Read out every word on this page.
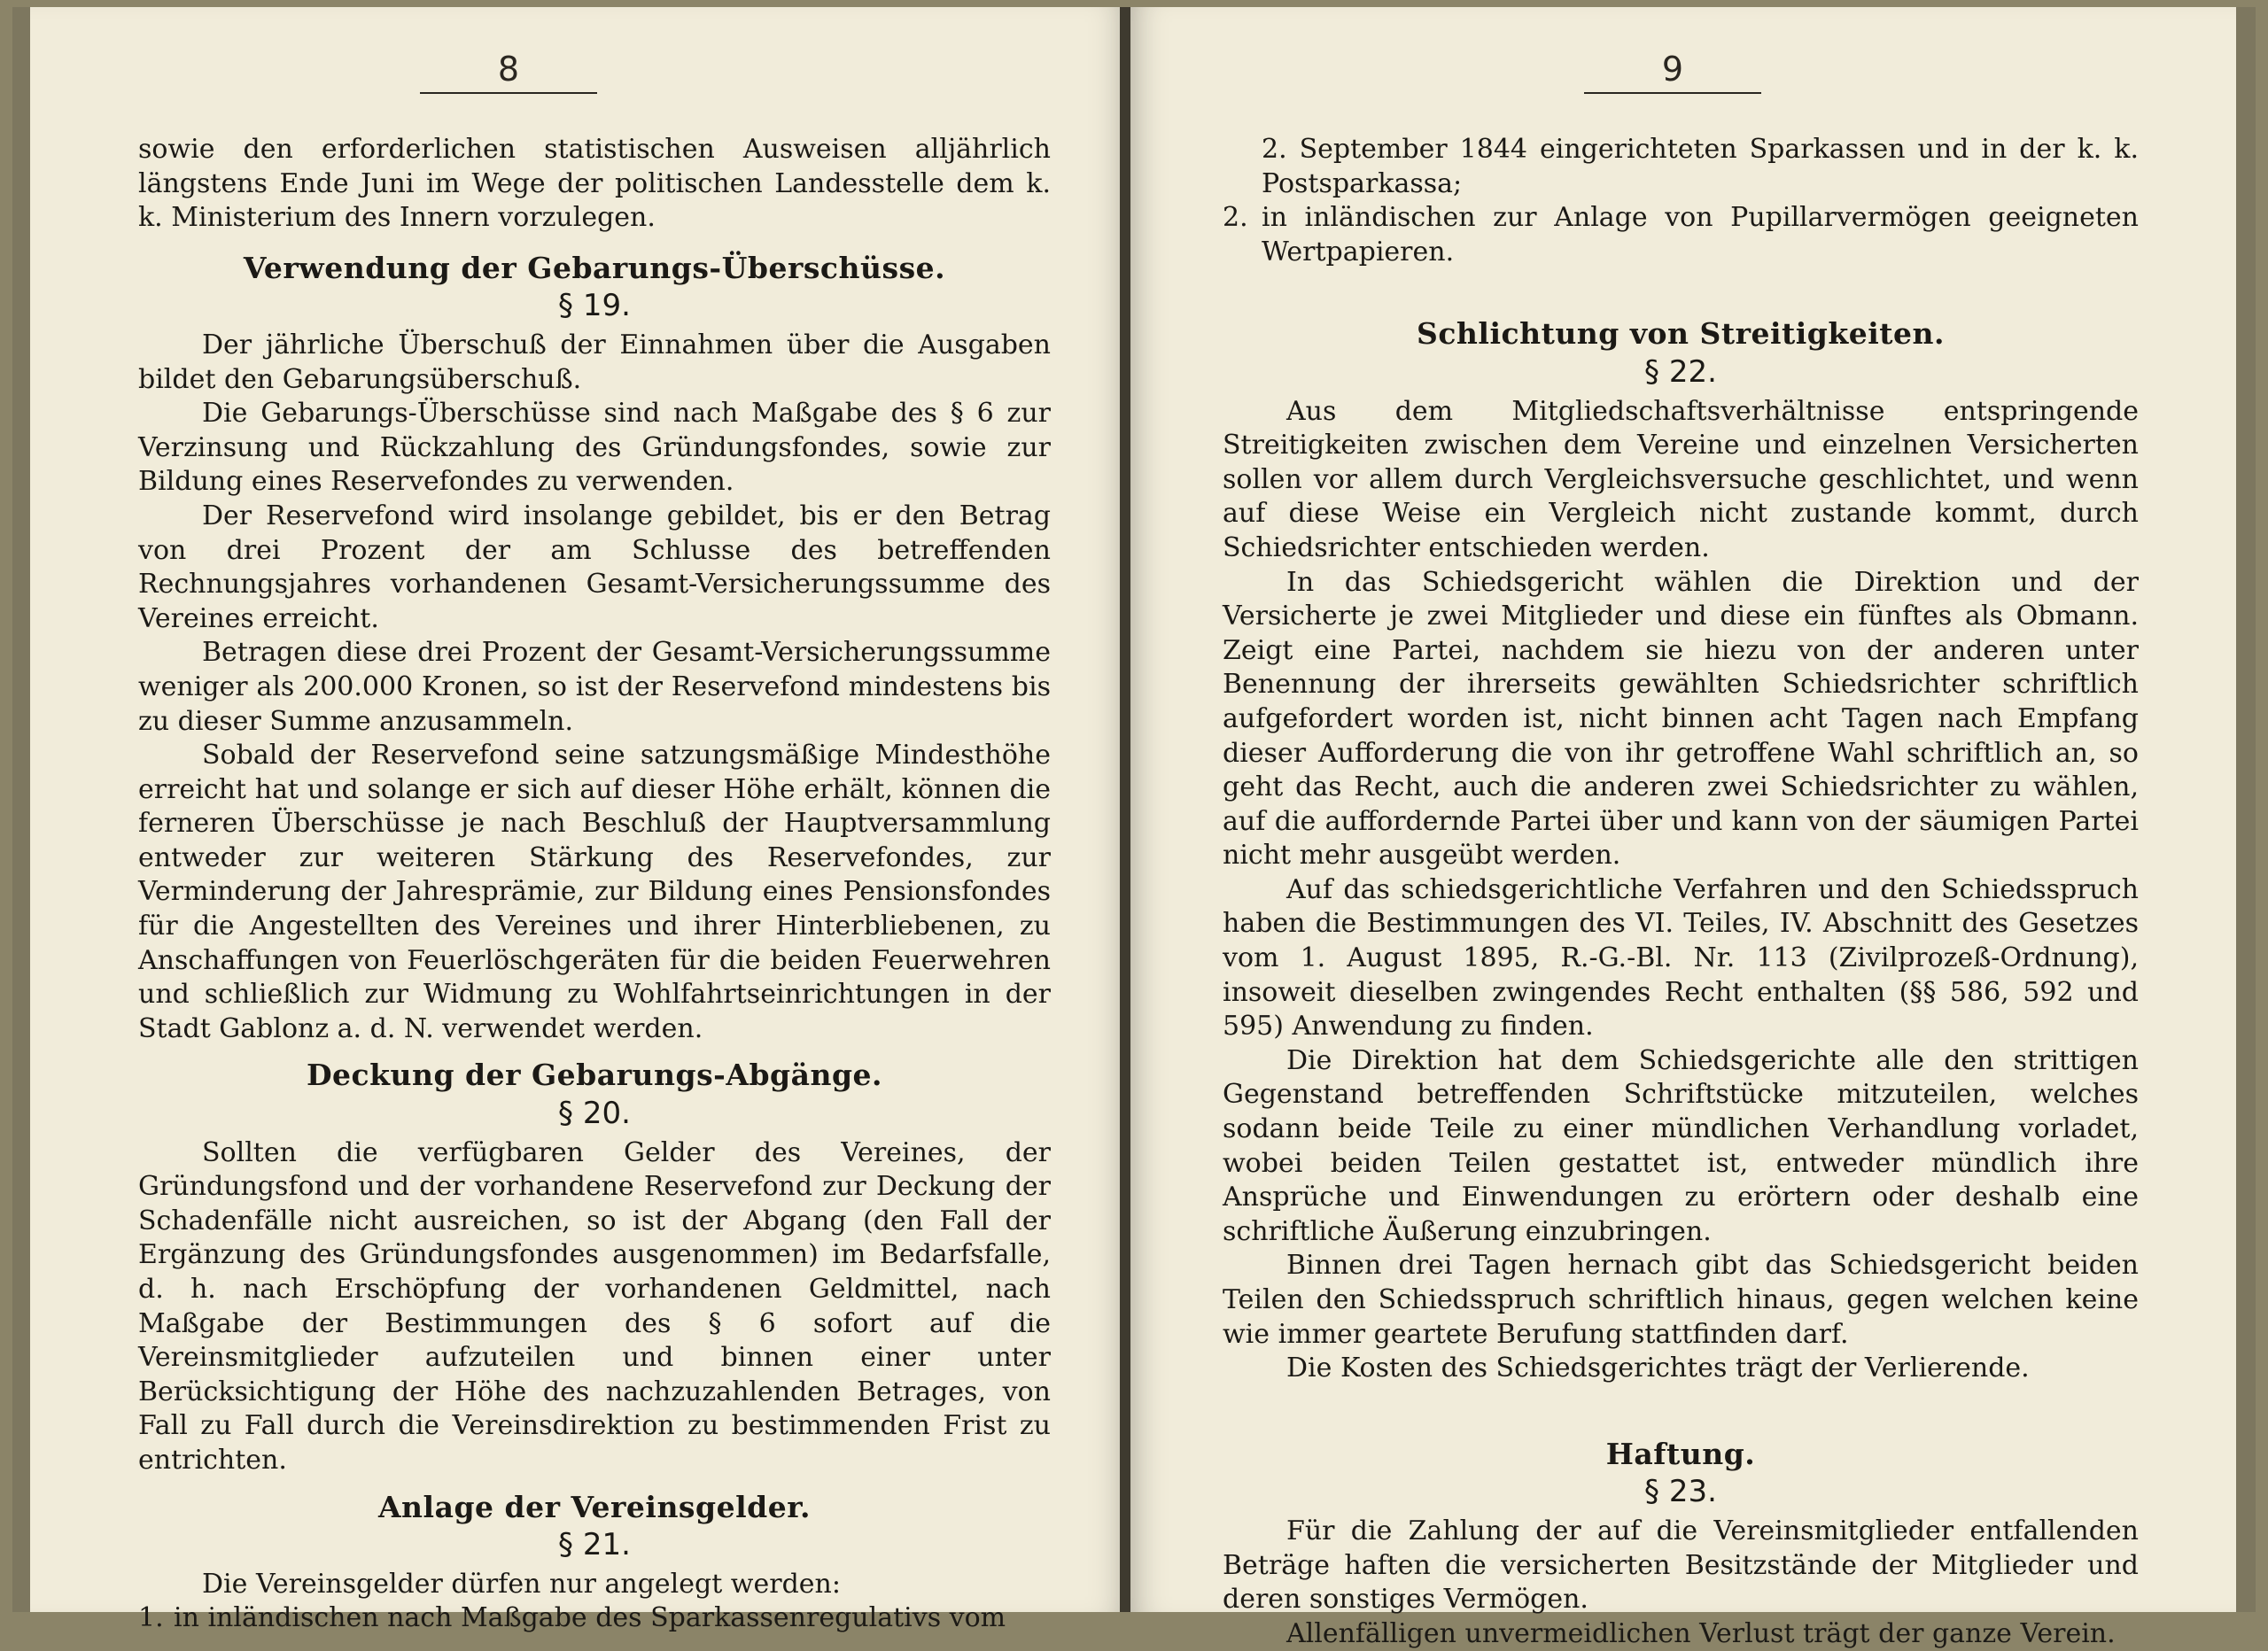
8

sowie den erforderlichen statistischen Ausweisen alljährlich längstens Ende Juni im Wege der politischen Landesstelle dem k. k. Ministerium des Innern vorzulegen.

Verwendung der Gebarungs-Überschüsse.
§ 19.

Der jährliche Überschuß der Einnahmen über die Ausgaben bildet den Gebarungsüberschuß.

Die Gebarungs-Überschüsse sind nach Maßgabe des § 6 zur Verzinsung und Rückzahlung des Gründungsfondes, sowie zur Bildung eines Reservefondes zu verwenden.

Der Reservefond wird insolange gebildet, bis er den Betrag von drei Prozent der am Schlusse des betreffenden Rechnungsjahres vorhandenen Gesamt-Versicherungssumme des Vereines erreicht.

Betragen diese drei Prozent der Gesamt-Versicherungssumme weniger als 200.000 Kronen, so ist der Reservefond mindestens bis zu dieser Summe anzusammeln.

Sobald der Reservefond seine satzungsmäßige Mindesthöhe erreicht hat und solange er sich auf dieser Höhe erhält, können die ferneren Überschüsse je nach Beschluß der Hauptversammlung entweder zur weiteren Stärkung des Reservefondes, zur Verminderung der Jahresprämie, zur Bildung eines Pensionsfondes für die Angestellten des Vereines und ihrer Hinterbliebenen, zu Anschaffungen von Feuerlöschgeräten für die beiden Feuerwehren und schließlich zur Widmung zu Wohlfahrtseinrichtungen in der Stadt Gablonz a. d. N. verwendet werden.

Deckung der Gebarungs-Abgänge.
§ 20.

Sollten die verfügbaren Gelder des Vereines, der Gründungsfond und der vorhandene Reservefond zur Deckung der Schadenfälle nicht ausreichen, so ist der Abgang (den Fall der Ergänzung des Gründungsfondes ausgenommen) im Bedarfsfalle, d. h. nach Erschöpfung der vorhandenen Geldmittel, nach Maßgabe der Bestimmungen des § 6 sofort auf die Vereinsmitglieder aufzuteilen und binnen einer unter Berücksichtigung der Höhe des nachzuzahlenden Betrages, von Fall zu Fall durch die Vereinsdirektion zu bestimmenden Frist zu entrichten.

Anlage der Vereinsgelder.
§ 21.

Die Vereinsgelder dürfen nur angelegt werden:

1. in inländischen nach Maßgabe des Sparkassenregulativs vom
9

2. September 1844 eingerichteten Sparkassen und in der k. k. Postsparkassa;

2. in inländischen zur Anlage von Pupillarvermögen geeigneten Wertpapieren.
Schlichtung von Streitigkeiten.
§ 22.

Aus dem Mitgliedschaftsverhältnisse entspringende Streitigkeiten zwischen dem Vereine und einzelnen Versicherten sollen vor allem durch Vergleichsversuche geschlichtet, und wenn auf diese Weise ein Vergleich nicht zustande kommt, durch Schiedsrichter entschieden werden.

In das Schiedsgericht wählen die Direktion und der Versicherte je zwei Mitglieder und diese ein fünftes als Obmann. Zeigt eine Partei, nachdem sie hiezu von der anderen unter Benennung der ihrerseits gewählten Schiedsrichter schriftlich aufgefordert worden ist, nicht binnen acht Tagen nach Empfang dieser Aufforderung die von ihr getroffene Wahl schriftlich an, so geht das Recht, auch die anderen zwei Schiedsrichter zu wählen, auf die auffordernde Partei über und kann von der säumigen Partei nicht mehr ausgeübt werden.

Auf das schiedsgerichtliche Verfahren und den Schiedsspruch haben die Bestimmungen des VI. Teiles, IV. Abschnitt des Gesetzes vom 1. August 1895, R.-G.-Bl. Nr. 113 (Zivilprozeß-Ordnung), insoweit dieselben zwingendes Recht enthalten (§§ 586, 592 und 595) Anwendung zu finden.

Die Direktion hat dem Schiedsgerichte alle den strittigen Gegenstand betreffenden Schriftstücke mitzuteilen, welches sodann beide Teile zu einer mündlichen Verhandlung vorladet, wobei beiden Teilen gestattet ist, entweder mündlich ihre Ansprüche und Einwendungen zu erörtern oder deshalb eine schriftliche Äußerung einzubringen.

Binnen drei Tagen hernach gibt das Schiedsgericht beiden Teilen den Schiedsspruch schriftlich hinaus, gegen welchen keine wie immer geartete Berufung stattfinden darf.

Die Kosten des Schiedsgerichtes trägt der Verlierende.

Haftung.
§ 23.

Für die Zahlung der auf die Vereinsmitglieder entfallenden Beträge haften die versicherten Besitzstände der Mitglieder und deren sonstiges Vermögen.

Allenfälligen unvermeidlichen Verlust trägt der ganze Verein.
